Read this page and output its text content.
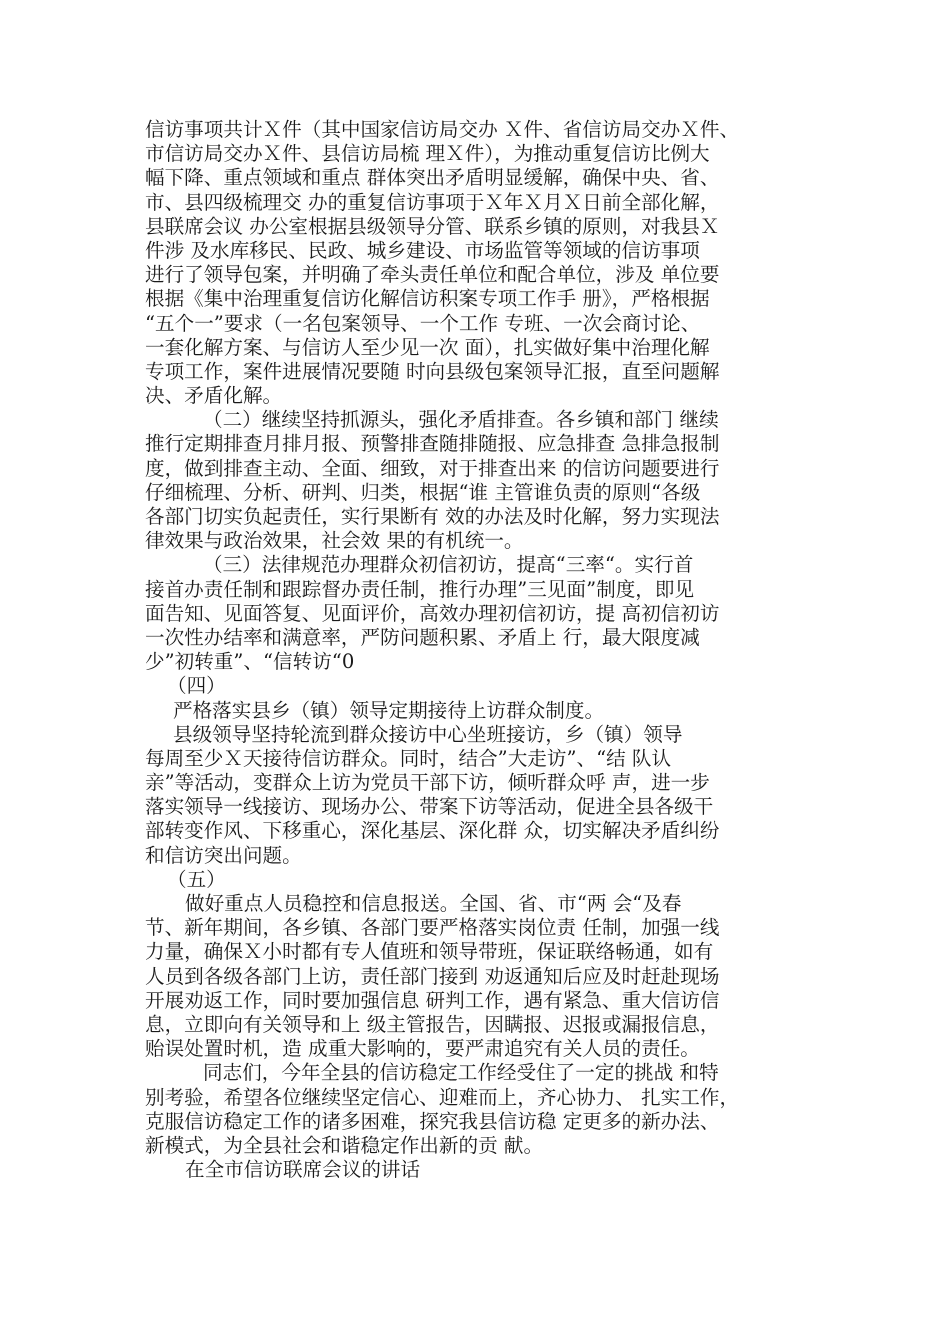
信访事项共计Ｘ件（其中国家信访局交办 Ｘ件、省信访局交办Ｘ件、
市信访局交办Ｘ件、县信访局梳 理Ｘ件），为推动重复信访比例大
幅下降、重点领域和重点 群体突出矛盾明显缓解，确保中央、省、
市、县四级梳理交 办的重复信访事项于Ｘ年Ｘ月Ｘ日前全部化解，
县联席会议 办公室根据县级领导分管、联系乡镇的原则，对我县Ｘ
件涉 及水库移民、民政、城乡建设、市场监管等领域的信访事项
进行了领导包案，并明确了牵头责任单位和配合单位，涉及 单位要
根据《集中治理重复信访化解信访积案专项工作手 册》，严格根据
“五个一”要求（一名包案领导、一个工作 专班、一次会商讨论、
一套化解方案、与信访人至少见一次 面），扎实做好集中治理化解
专项工作，案件进展情况要随 时向县级包案领导汇报，直至问题解
决、矛盾化解。
（二）继续坚持抓源头，强化矛盾排查。各乡镇和部门 继续
推行定期排查月排月报、预警排查随排随报、应急排查 急排急报制
度，做到排查主动、全面、细致，对于排查出来 的信访问题要进行
仔细梳理、分析、研判、归类，根据“谁 主管谁负责的原则“各级
各部门切实负起责任，实行果断有 效的办法及时化解，努力实现法
律效果与政治效果，社会效 果的有机统一。
（三）法律规范办理群众初信初访，提高“三率“。实行首
接首办责任制和跟踪督办责任制，推行办理”三见面”制度，即见
面告知、见面答复、见面评价，高效办理初信初访，提 高初信初访
一次性办结率和满意率，严防问题积累、矛盾上 行，最大限度减
少”初转重”、“信转访“0
（四）
严格落实县乡（镇）领导定期接待上访群众制度。
县级领导坚持轮流到群众接访中心坐班接访，乡（镇）领导
每周至少Ｘ天接待信访群众。同时，结合”大走访”、“结 队认
亲”等活动，变群众上访为党员干部下访，倾听群众呼 声，进一步
落实领导一线接访、现场办公、带案下访等活动，促进全县各级干
部转变作风、下移重心，深化基层、深化群 众，切实解决矛盾纠纷
和信访突出问题。
（五）
做好重点人员稳控和信息报送。全国、省、市“两 会“及春
节、新年期间，各乡镇、各部门要严格落实岗位责 任制，加强一线
力量，确保Ｘ小时都有专人值班和领导带班，保证联络畅通，如有
人员到各级各部门上访，责任部门接到 劝返通知后应及时赶赴现场
开展劝返工作，同时要加强信息 研判工作，遇有紧急、重大信访信
息，立即向有关领导和上 级主管报告，因瞒报、迟报或漏报信息，
贻误处置时机，造 成重大影响的，要严肃追究有关人员的责任。
同志们，今年全县的信访稳定工作经受住了一定的挑战 和特
别考验，希望各位继续坚定信心、迎难而上，齐心协力、 扎实工作，
克服信访稳定工作的诸多困难，探究我县信访稳 定更多的新办法、
新模式，为全县社会和谐稳定作出新的贡 献。
在全市信访联席会议的讲话
